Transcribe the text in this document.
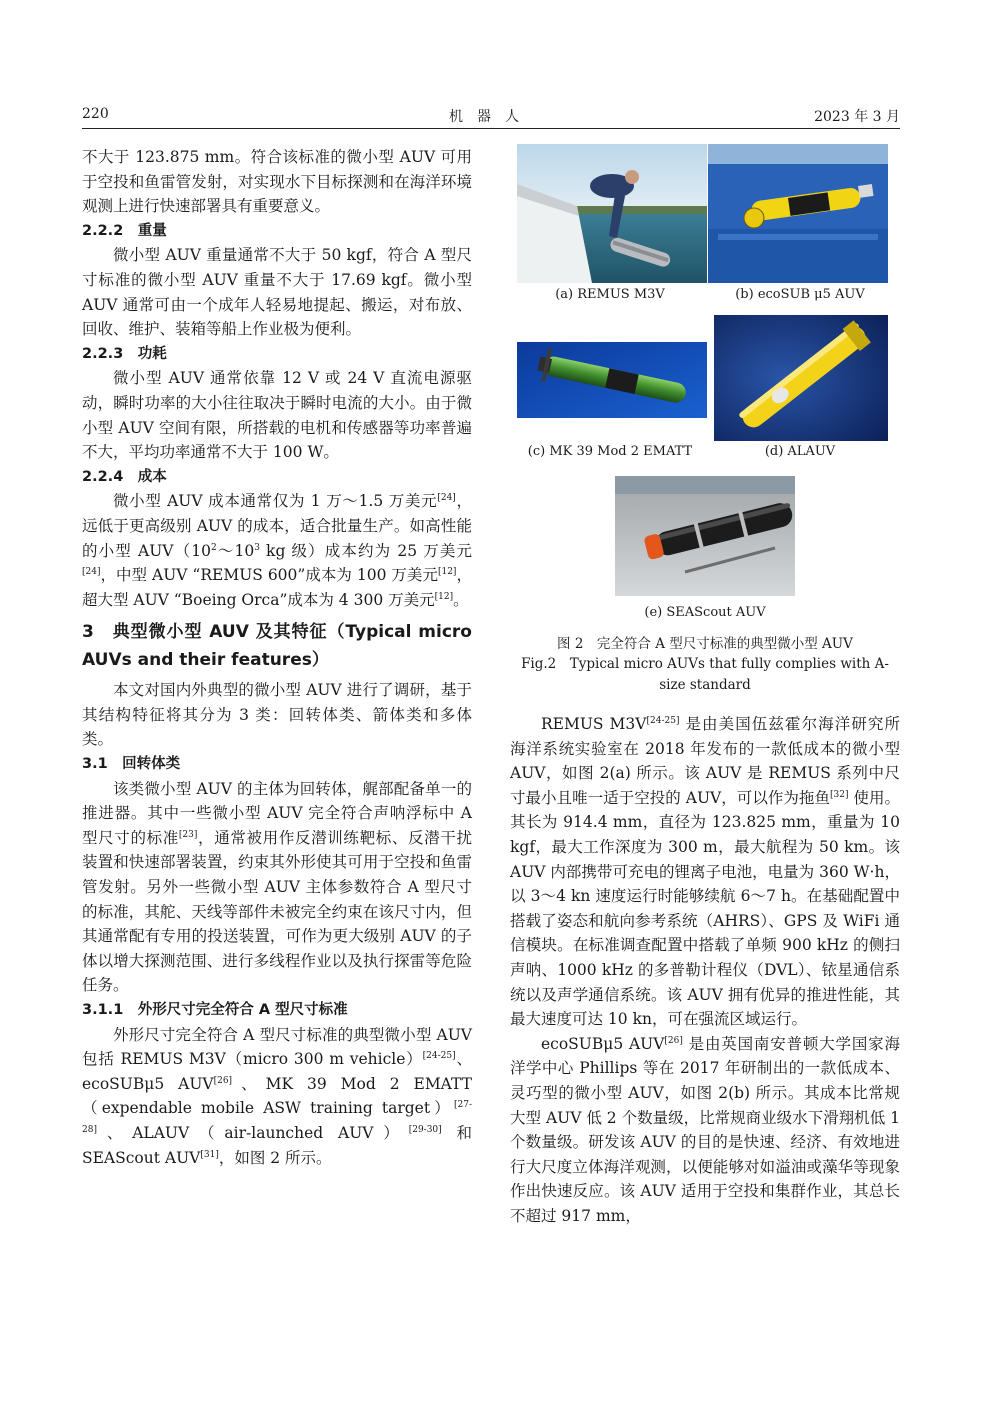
220	机器人	2023 年 3 月

不大于 123.875 mm。符合该标准的微小型 AUV 可用于空投和鱼雷管发射，对实现水下目标探测和在海洋环境观测上进行快速部署具有重要意义。

2.2.2　重量

微小型 AUV 重量通常不大于 50 kgf，符合 A 型尺寸标准的微小型 AUV 重量不大于 17.69 kgf。微小型 AUV 通常可由一个成年人轻易地提起、搬运，对布放、回收、维护、装箱等船上作业极为便利。

2.2.3　功耗

微小型 AUV 通常依靠 12 V 或 24 V 直流电源驱动，瞬时功率的大小往往取决于瞬时电流的大小。由于微小型 AUV 空间有限，所搭载的电机和传感器等功率普遍不大，平均功率通常不大于 100 W。

2.2.4　成本

微小型 AUV 成本通常仅为 1 万～1.5 万美元[24]，远低于更高级别 AUV 的成本，适合批量生产。如高性能的小型 $AUV(10^2\sim 10^3$ kg 级）成本约为 25 万美元[24]，中型 AUV “REMUS 600”成本为 100 万美元[12]，超大型 AUV “Boeing Orca”成本为 4 300 万美元[12]。

3　典型微小型 AUV 及其特征（Typical micro AUVs and their features）

本文对国内外典型的微小型 AUV 进行了调研，基于其结构特征将其分为 3 类：回转体类、箭体类和多体类。

3.1　回转体类

该类微小型 AUV 的主体为回转体，艉部配备单一的推进器。其中一些微小型 AUV 完全符合声呐浮标中 A 型尺寸的标准[23]，通常被用作反潜训练靶标、反潜干扰装置和快速部署装置，约束其外形使其可用于空投和鱼雷管发射。另外一些微小型 AUV 主体参数符合 A 型尺寸的标准，其舵、天线等部件未被完全约束在该尺寸内，但其通常配有专用的投送装置，可作为更大级别 AUV 的子体以增大探测范围、进行多线程作业以及执行探雷等危险任务。

3.1.1　外形尺寸完全符合 A 型尺寸标准

外形尺寸完全符合 A 型尺寸标准的典型微小型 AUV 包括 REMUS M3V（micro 300 m vehicle）[24-25]、ecoSUBμ5 AUV[26]、MK 39 Mod 2 EMATT（expendable mobile ASW training target）[27-28]、ALAUV（air-launched AUV）[29-30] 和 SEAScout AUV[31]，如图 2 所示。

(a) REMUS M3V	(b) ecoSUB μ5 AUV
(c) MK 39 Mod 2 EMATT	(d) ALAUV
(e) SEAScout AUV
图 2　完全符合 A 型尺寸标准的典型微小型 AUV
Fig.2　Typical micro AUVs that fully complies with A-size standard

REMUS M3V[24-25] 是由美国伍兹霍尔海洋研究所海洋系统实验室在 2018 年发布的一款低成本的微小型 AUV，如图 2(a) 所示。该 AUV 是 REMUS 系列中尺寸最小且唯一适于空投的 AUV，可以作为拖鱼[32] 使用。其长为 914.4 mm，直径为 123.825 mm，重量为 10 kgf，最大工作深度为 300 m，最大航程为 50 km。该 AUV 内部携带可充电的锂离子电池，电量为 360 W·h，以 3～4 kn 速度运行时能够续航 6～7 h。在基础配置中搭载了姿态和航向参考系统（AHRS）、GPS 及 WiFi 通信模块。在标准调查配置中搭载了单频 900 kHz 的侧扫声呐、1000 kHz 的多普勒计程仪（DVL）、铱星通信系统以及声学通信系统。该 AUV 拥有优异的推进性能，其最大速度可达 10 kn，可在强流区域运行。

ecoSUBμ5 AUV[26] 是由英国南安普顿大学国家海洋学中心 Phillips 等在 2017 年研制出的一款低成本、灵巧型的微小型 AUV，如图 2(b) 所示。其成本比常规大型 AUV 低 2 个数量级，比常规商业级水下滑翔机低 1 个数量级。研发该 AUV 的目的是快速、经济、有效地进行大尺度立体海洋观测，以便能够对如溢油或藻华等现象作出快速反应。该 AUV 适用于空投和集群作业，其总长不超过 917 mm，
